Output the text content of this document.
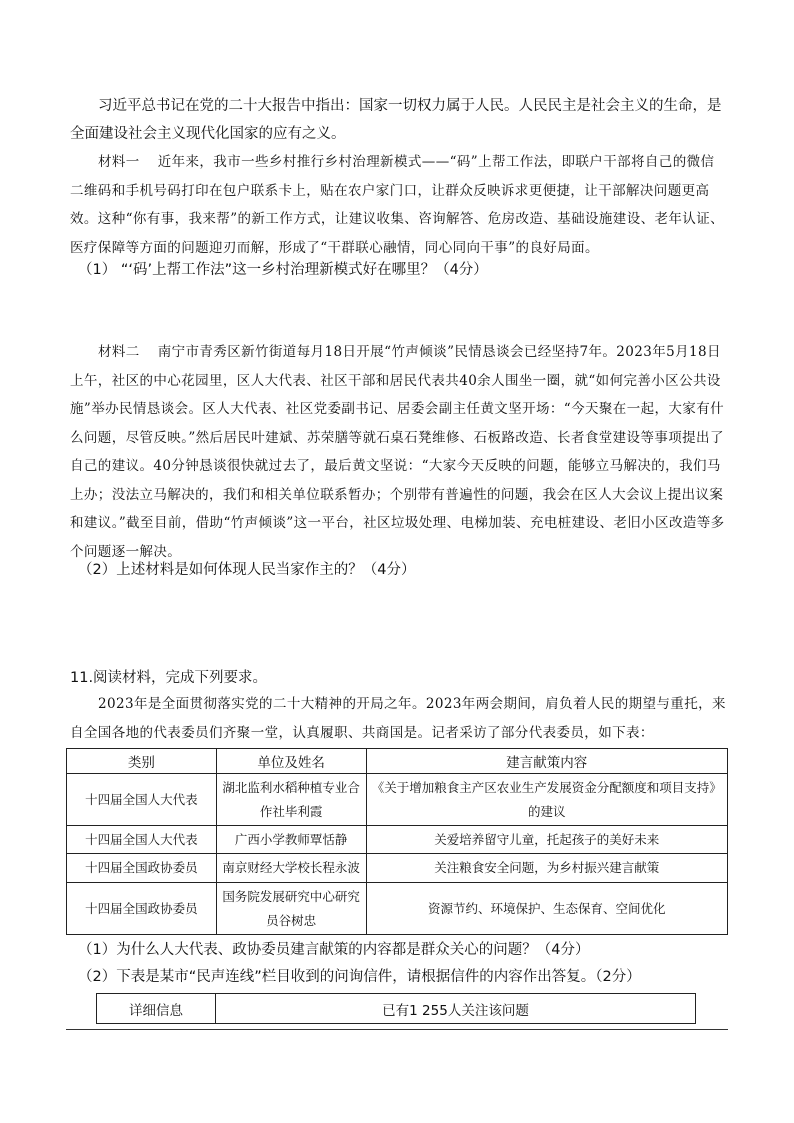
习近平总书记在党的二十大报告中指出：国家一切权力属于人民。人民民主是社会主义的生命，是全面建设社会主义现代化国家的应有之义。
材料一 近年来，我市一些乡村推行乡村治理新模式——“码”上帮工作法，即联户干部将自己的微信二维码和手机号码打印在包户联系卡上，贴在农户家门口，让群众反映诉求更便捷，让干部解决问题更高效。这种“你有事，我来帮”的新工作方式，让建议收集、咨询解答、危房改造、基础设施建设、老年认证、医疗保障等方面的问题迎刃而解，形成了“干群联心融情，同心同向干事”的良好局面。
（1） “‘码’上帮工作法”这一乡村治理新模式好在哪里？（4分）
材料二 南宁市青秀区新竹街道每月18日开展“竹声倾谈”民情恳谈会已经坚持7年。2023年5月18日上午，社区的中心花园里，区人大代表、社区干部和居民代表共40余人围坐一圈，就“如何完善小区公共设施”举办民情恳谈会。区人大代表、社区党委副书记、居委会副主任黄文坚开场：“今天聚在一起，大家有什么问题，尽管反映。”然后居民叶建斌、苏荣膳等就石桌石凳维修、石板路改造、长者食堂建设等事项提出了自己的建议。40分钟恳谈很快就过去了，最后黄文坚说：“大家今天反映的问题，能够立马解决的，我们马上办；没法立马解决的，我们和相关单位联系暂办；个别带有普遍性的问题，我会在区人大会议上提出议案和建议。”截至目前，借助“竹声倾谈”这一平台，社区垃圾处理、电梯加装、充电桩建设、老旧小区改造等多个问题逐一解决。
（2）上述材料是如何体现人民当家作主的？（4分）
11.阅读材料，完成下列要求。
2023年是全面贯彻落实党的二十大精神的开局之年。2023年两会期间，肩负着人民的期望与重托，来自全国各地的代表委员们齐聚一堂，认真履职、共商国是。记者采访了部分代表委员，如下表：
类别	单位及姓名	建言献策内容
十四届全国人大代表	湖北监利水稻种植专业合作社毕利霞	《关于增加粮食主产区农业生产发展资金分配额度和项目支持》的建议
十四届全国人大代表	广西小学教师覃恬静	关爱培养留守儿童，托起孩子的美好未来
十四届全国政协委员	南京财经大学校长程永波	关注粮食安全问题，为乡村振兴建言献策
十四届全国政协委员	国务院发展研究中心研究员谷树忠	资源节约、环境保护、生态保育、空间优化
（1）为什么人大代表、政协委员建言献策的内容都是群众关心的问题？（4分）
（2）下表是某市“民声连线”栏目收到的问询信件，请根据信件的内容作出答复。（2分）
详细信息	已有1 255人关注该问题
